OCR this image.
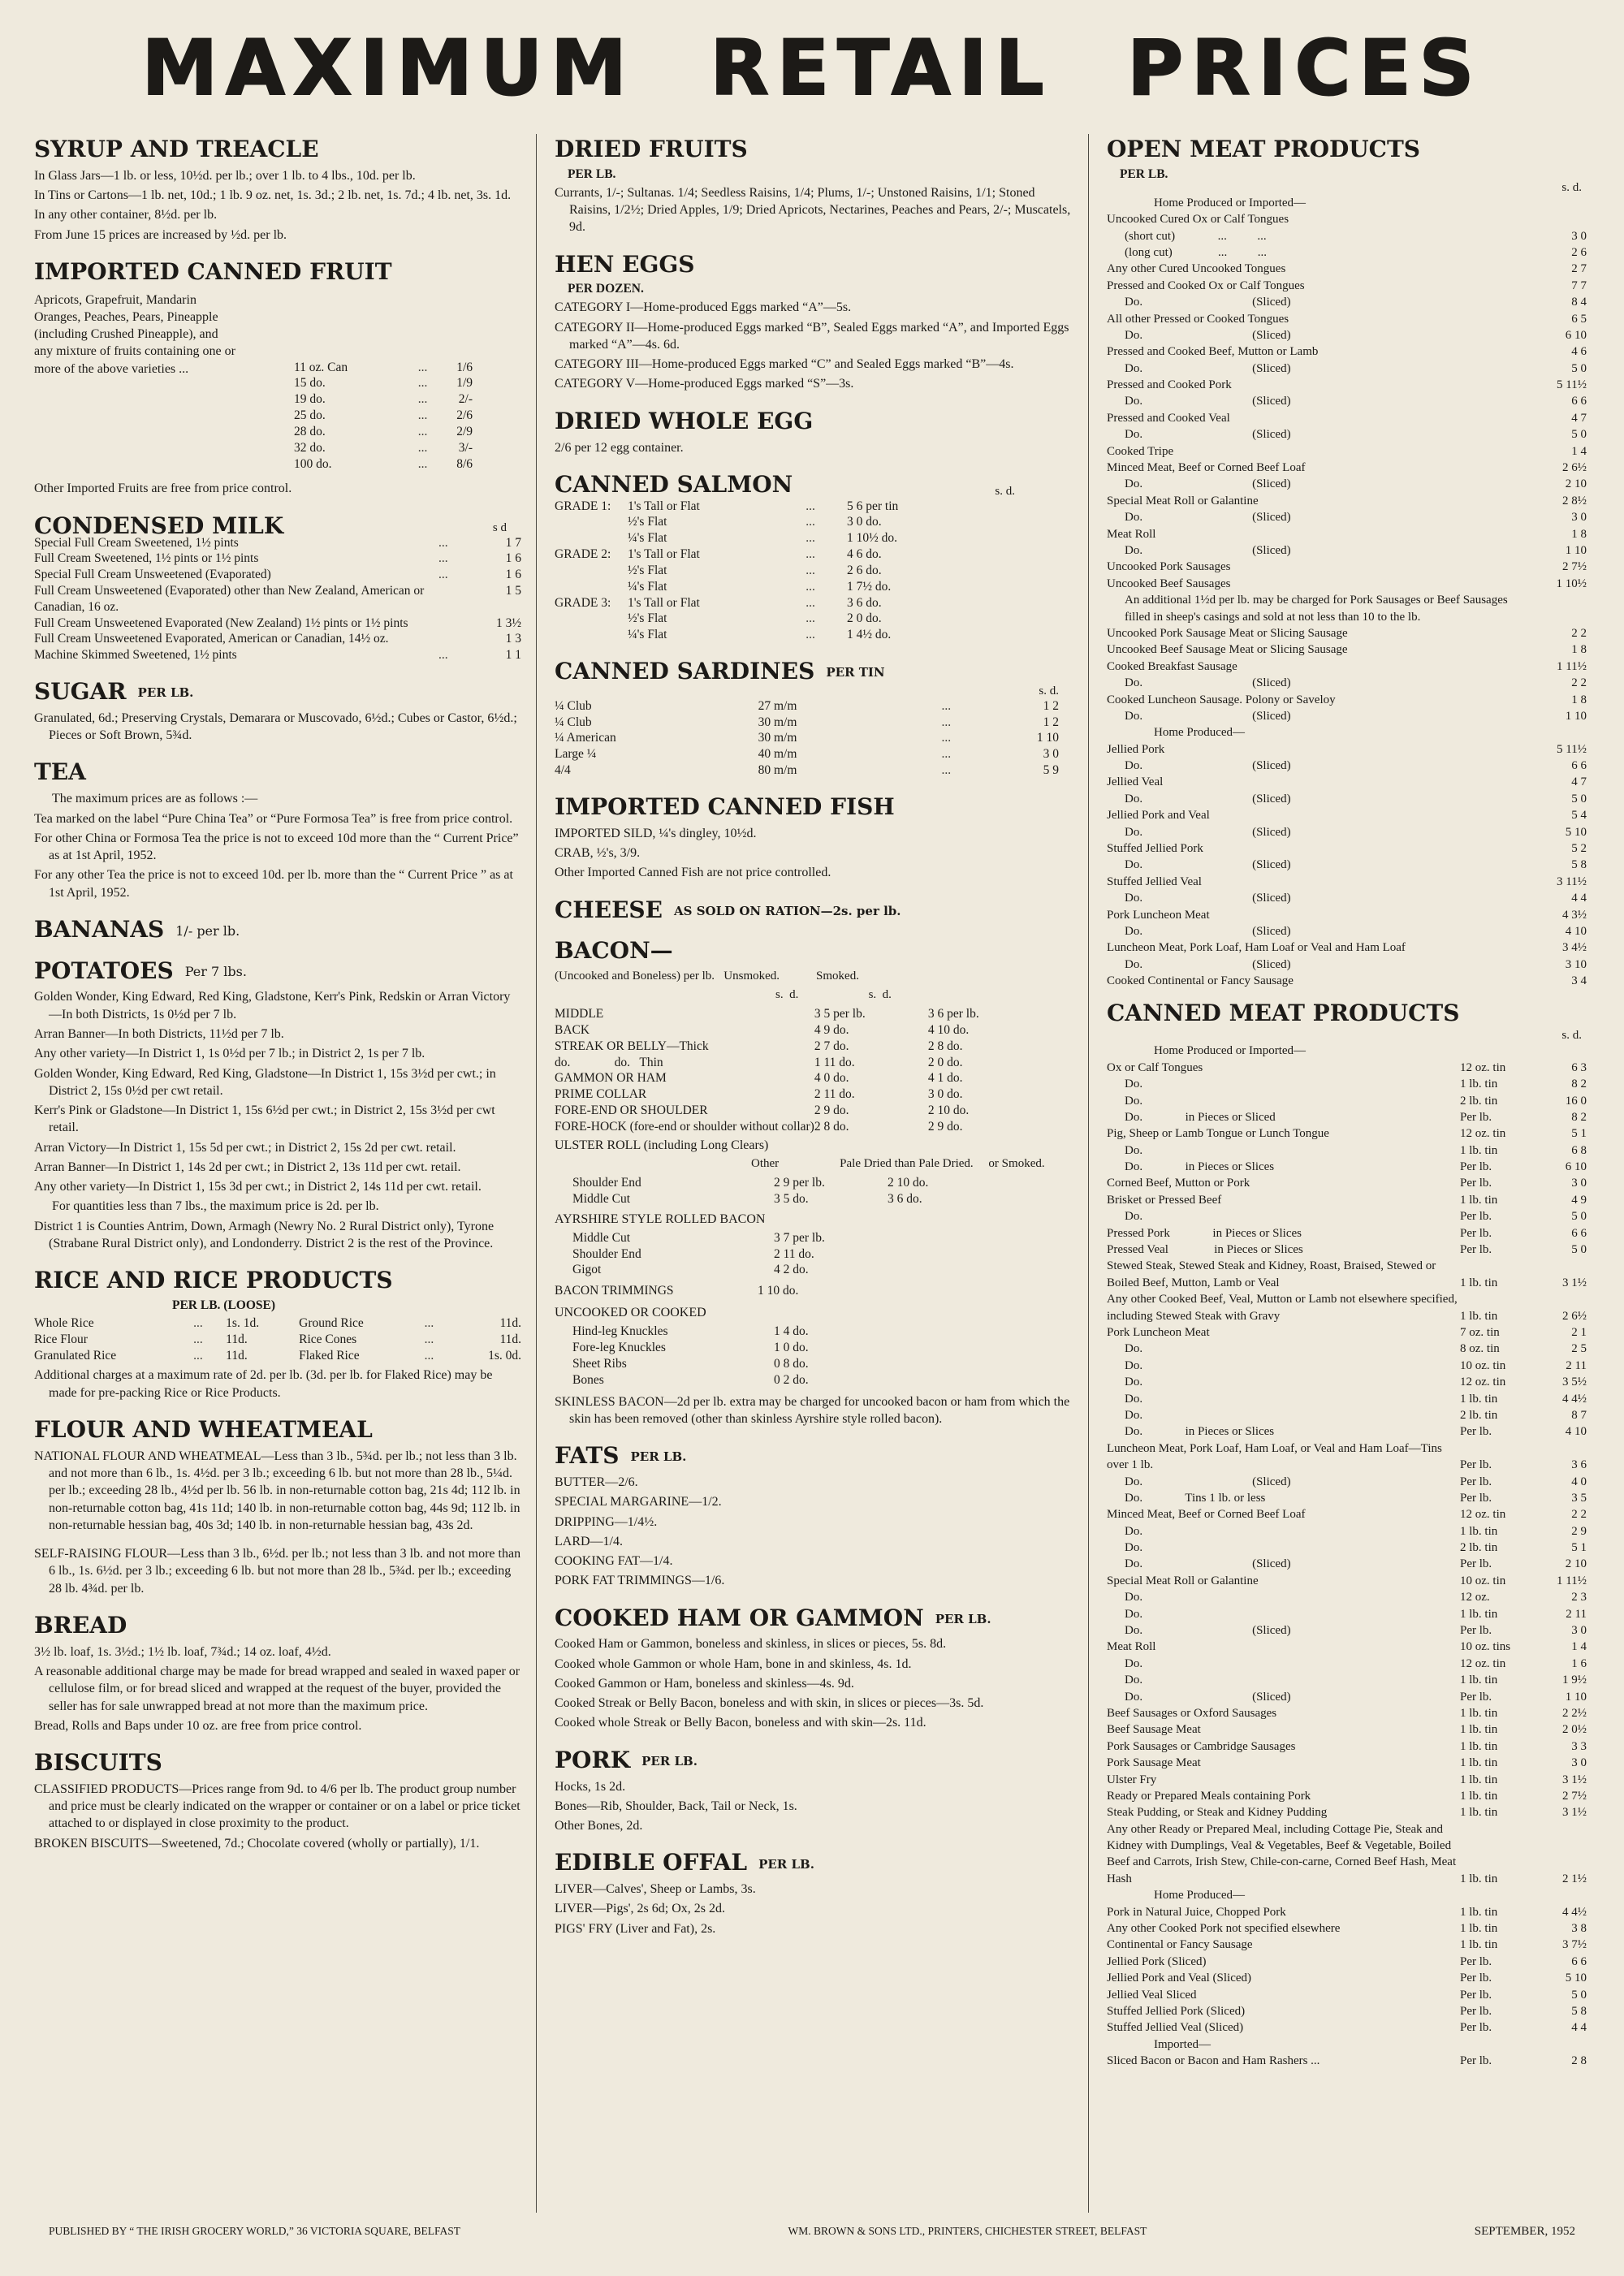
MAXIMUM RETAIL PRICES
SYRUP AND TREACLE
In Glass Jars—1 lb. or less, 10½d. per lb.; over 1 lb. to 4 lbs., 10d. per lb.
In Tins or Cartons—1 lb. net, 10d.; 1 lb. 9 oz. net, 1s. 3d.; 2 lb. net, 1s. 7d.; 4 lb. net, 3s. 1d.
In any other container, 8½d. per lb.
From June 15 prices are increased by ½d. per lb.
IMPORTED CANNED FRUIT
Apricots, Grapefruit, Mandarin Oranges, Peaches, Pears, Pineapple (including Crushed Pineapple), and any mixture of fruits containing one or more of the above varieties ...	11 oz. Can	...	1/6
15 do.	...	1/9
19 do.	...	2/-
25 do.	...	2/6
28 do.	...	2/9
32 do.	...	3/-
100 do.	...	8/6
Other Imported Fruits are free from price control.
CONDENSED MILK	s d
Special Full Cream Sweetened, 1½ pints	...	1 7
Full Cream Sweetened, 1½ pints or 1½ pints	...	1 6
Special Full Cream Unsweetened (Evaporated)	...	1 6
Full Cream Unsweetened (Evaporated) other than New Zealand, American or Canadian, 16 oz.		1 5
Full Cream Unsweetened Evaporated (New Zealand) 1½ pints or 1½ pints		1 3½
Full Cream Unsweetened Evaporated, American or Canadian, 14½ oz.		1 3
Machine Skimmed Sweetened, 1½ pints	...	1 1
SUGAR PER LB.
Granulated, 6d.; Preserving Crystals, Demarara or Muscovado, 6½d.; Cubes or Castor, 6½d.; Pieces or Soft Brown, 5¾d.
TEA
The maximum prices are as follows :—
Tea marked on the label “Pure China Tea” or “Pure Formosa Tea” is free from price control.
For other China or Formosa Tea the price is not to exceed 10d more than the “ Current Price” as at 1st April, 1952.
For any other Tea the price is not to exceed 10d. per lb. more than the “ Current Price ” as at 1st April, 1952.
BANANAS 1/- per lb.
POTATOES Per 7 lbs.
Golden Wonder, King Edward, Red King, Gladstone, Kerr's Pink, Redskin or Arran Victory—In both Districts, 1s 0½d per 7 lb.
Arran Banner—In both Districts, 11½d per 7 lb.
Any other variety—In District 1, 1s 0½d per 7 lb.; in District 2, 1s per 7 lb.
Golden Wonder, King Edward, Red King, Gladstone—In District 1, 15s 3½d per cwt.; in District 2, 15s 0½d per cwt retail.
Kerr's Pink or Gladstone—In District 1, 15s 6½d per cwt.; in District 2, 15s 3½d per cwt retail.
Arran Victory—In District 1, 15s 5d per cwt.; in District 2, 15s 2d per cwt. retail.
Arran Banner—In District 1, 14s 2d per cwt.; in District 2, 13s 11d per cwt. retail.
Any other variety—In District 1, 15s 3d per cwt.; in District 2, 14s 11d per cwt. retail.
For quantities less than 7 lbs., the maximum price is 2d. per lb.
District 1 is Counties Antrim, Down, Armagh (Newry No. 2 Rural District only), Tyrone (Strabane Rural District only), and Londonderry. District 2 is the rest of the Province.
RICE AND RICE PRODUCTS
PER LB. (LOOSE)
Whole Rice	...	1s. 1d.	Ground Rice	...	11d.
Rice Flour	...	11d.	Rice Cones	...	11d.
Granulated Rice	...	11d.	Flaked Rice	...	1s. 0d.
Additional charges at a maximum rate of 2d. per lb. (3d. per lb. for Flaked Rice) may be made for pre-packing Rice or Rice Products.
FLOUR AND WHEATMEAL
NATIONAL FLOUR AND WHEATMEAL—Less than 3 lb., 5¾d. per lb.; not less than 3 lb. and not more than 6 lb., 1s. 4½d. per 3 lb.; exceeding 6 lb. but not more than 28 lb., 5¼d. per lb.; exceeding 28 lb., 4½d per lb. 56 lb. in non-returnable cotton bag, 21s 4d; 112 lb. in non-returnable cotton bag, 41s 11d; 140 lb. in non-returnable cotton bag, 44s 9d; 112 lb. in non-returnable hessian bag, 40s 3d; 140 lb. in non-returnable hessian bag, 43s 2d.
SELF-RAISING FLOUR—Less than 3 lb., 6½d. per lb.; not less than 3 lb. and not more than 6 lb., 1s. 6½d. per 3 lb.; exceeding 6 lb. but not more than 28 lb., 5¾d. per lb.; exceeding 28 lb. 4¾d. per lb.
BREAD
3½ lb. loaf, 1s. 3½d.; 1½ lb. loaf, 7¾d.; 14 oz. loaf, 4½d.
A reasonable additional charge may be made for bread wrapped and sealed in waxed paper or cellulose film, or for bread sliced and wrapped at the request of the buyer, provided the seller has for sale unwrapped bread at not more than the maximum price.
Bread, Rolls and Baps under 10 oz. are free from price control.
BISCUITS
CLASSIFIED PRODUCTS—Prices range from 9d. to 4/6 per lb. The product group number and price must be clearly indicated on the wrapper or container or on a label or price ticket attached to or displayed in close proximity to the product.
BROKEN BISCUITS—Sweetened, 7d.; Chocolate covered (wholly or partially), 1/1.
DRIED FRUITS
PER LB.
Currants, 1/-; Sultanas. 1/4; Seedless Raisins, 1/4; Plums, 1/-; Unstoned Raisins, 1/1; Stoned Raisins, 1/2½; Dried Apples, 1/9; Dried Apricots, Nectarines, Peaches and Pears, 2/-; Muscatels, 9d.
HEN EGGS
PER DOZEN.
CATEGORY I—Home-produced Eggs marked “A”—5s.
CATEGORY II—Home-produced Eggs marked “B”, Sealed Eggs marked “A”, and Imported Eggs marked “A”—4s. 6d.
CATEGORY III—Home-produced Eggs marked “C” and Sealed Eggs marked “B”—4s.
CATEGORY V—Home-produced Eggs marked “S”—3s.
DRIED WHOLE EGG
2/6 per 12 egg container.
CANNED SALMON	s. d.
GRADE 1:	1's Tall or Flat	...	5 6 per tin
	½'s Flat	...	3 0 do.
	¼'s Flat	...	1 10½ do.
GRADE 2:	1's Tall or Flat	...	4 6 do.
	½'s Flat	...	2 6 do.
	¼'s Flat	...	1 7½ do.
GRADE 3:	1's Tall or Flat	...	3 6 do.
	½'s Flat	...	2 0 do.
	¼'s Flat	...	1 4½ do.
CANNED SARDINES PER TIN
s. d.
¼ Club	27 m/m	...	1 2
¼ Club	30 m/m	...	1 2
¼ American	30 m/m	...	1 10
Large ¼	40 m/m	...	3 0
4/4	80 m/m	...	5 9
IMPORTED CANNED FISH
IMPORTED SILD, ¼'s dingley, 10½d.
CRAB, ½'s, 3/9.
Other Imported Canned Fish are not price controlled.
CHEESE AS SOLD ON RATION—2s. per lb.
BACON—
(Uncooked and Boneless) per lb.   Unsmoked.            Smoked.
s.  d.                       s.  d.
MIDDLE	3 5 per lb.	3 6 per lb.
BACK	4 9 do.	4 10 do.
STREAK OR BELLY—Thick	2 7 do.	2 8 do.
do.              do.   Thin	1 11 do.	2 0 do.
GAMMON OR HAM	4 0 do.	4 1 do.
PRIME COLLAR	2 11 do.	3 0 do.
FORE-END OR SHOULDER	2 9 do.	2 10 do.
FORE-HOCK (fore-end or shoulder without collar)	2 8 do.	2 9 do.
ULSTER ROLL (including Long Clears)
Other                    Pale Dried than Pale Dried.     or Smoked.
Shoulder End	2 9 per lb.	2 10 do.
Middle Cut	3 5 do.	3 6 do.
AYRSHIRE STYLE ROLLED BACON
Middle Cut	3 7 per lb.
Shoulder End	2 11 do.
Gigot	4 2 do.
BACON TRIMMINGS	1 10 do.
UNCOOKED OR COOKED
Hind-leg Knuckles	1 4 do.
Fore-leg Knuckles	1 0 do.
Sheet Ribs	0 8 do.
Bones	0 2 do.
SKINLESS BACON—2d per lb. extra may be charged for uncooked bacon or ham from which the skin has been removed (other than skinless Ayrshire style rolled bacon).
FATS PER LB.
BUTTER—2/6.
SPECIAL MARGARINE—1/2.
DRIPPING—1/4½.
LARD—1/4.
COOKING FAT—1/4.
PORK FAT TRIMMINGS—1/6.
COOKED HAM OR GAMMON PER LB.
Cooked Ham or Gammon, boneless and skinless, in slices or pieces, 5s. 8d.
Cooked whole Gammon or whole Ham, bone in and skinless, 4s. 1d.
Cooked Gammon or Ham, boneless and skinless—4s. 9d.
Cooked Streak or Belly Bacon, boneless and with skin, in slices or pieces—3s. 5d.
Cooked whole Streak or Belly Bacon, boneless and with skin—2s. 11d.
PORK PER LB.
Hocks, 1s 2d.
Bones—Rib, Shoulder, Back, Tail or Neck, 1s.
Other Bones, 2d.
EDIBLE OFFAL PER LB.
LIVER—Calves', Sheep or Lambs, 3s.
LIVER—Pigs', 2s 6d; Ox, 2s 2d.
PIGS' FRY (Liver and Fat), 2s.
OPEN MEAT PRODUCTS
PER LB.
s. d.
Home Produced or Imported—	
Uncooked Cured Ox or Calf Tongues	
(short cut)              ...          ...	3 0
(long cut)               ...          ...	2 6
Any other Cured Uncooked Tongues	2 7
Pressed and Cooked Ox or Calf Tongues	7 7
Do.                                    (Sliced)	8 4
All other Pressed or Cooked Tongues	6 5
Do.                                    (Sliced)	6 10
Pressed and Cooked Beef, Mutton or Lamb	4 6
Do.                                    (Sliced)	5 0
Pressed and Cooked Pork	5 11½
Do.                                    (Sliced)	6 6
Pressed and Cooked Veal	4 7
Do.                                    (Sliced)	5 0
Cooked Tripe	1 4
Minced Meat, Beef or Corned Beef Loaf	2 6½
Do.                                    (Sliced)	2 10
Special Meat Roll or Galantine	2 8½
Do.                                    (Sliced)	3 0
Meat Roll	1 8
Do.                                    (Sliced)	1 10
Uncooked Pork Sausages	2 7½
Uncooked Beef Sausages	1 10½
An additional 1½d per lb. may be charged for Pork Sausages or Beef Sausages filled in sheep's casings and sold at not less than 10 to the lb.	
Uncooked Pork Sausage Meat or Slicing Sausage	2 2
Uncooked Beef Sausage Meat or Slicing Sausage	1 8
Cooked Breakfast Sausage	1 11½
Do.                                    (Sliced)	2 2
Cooked Luncheon Sausage. Polony or Saveloy	1 8
Do.                                    (Sliced)	1 10
Home Produced—	
Jellied Pork	5 11½
Do.                                    (Sliced)	6 6
Jellied Veal	4 7
Do.                                    (Sliced)	5 0
Jellied Pork and Veal	5 4
Do.                                    (Sliced)	5 10
Stuffed Jellied Pork	5 2
Do.                                    (Sliced)	5 8
Stuffed Jellied Veal	3 11½
Do.                                    (Sliced)	4 4
Pork Luncheon Meat	4 3½
Do.                                    (Sliced)	4 10
Luncheon Meat, Pork Loaf, Ham Loaf or Veal and Ham Loaf	3 4½
Do.                                    (Sliced)	3 10
Cooked Continental or Fancy Sausage	3 4
CANNED MEAT PRODUCTS
s. d.
Home Produced or Imported—		
Ox or Calf Tongues	12 oz. tin	6 3
Do.	1 lb. tin	8 2
Do.	2 lb. tin	16 0
Do.              in Pieces or Sliced	Per lb.	8 2
Pig, Sheep or Lamb Tongue or Lunch Tongue	12 oz. tin	5 1
Do.	1 lb. tin	6 8
Do.              in Pieces or Slices	Per lb.	6 10
Corned Beef, Mutton or Pork	Per lb.	3 0
Brisket or Pressed Beef	1 lb. tin	4 9
Do.	Per lb.	5 0
Pressed Pork              in Pieces or Slices	Per lb.	6 6
Pressed Veal               in Pieces or Slices	Per lb.	5 0
Stewed Steak, Stewed Steak and Kidney, Roast, Braised, Stewed or Boiled Beef, Mutton, Lamb or Veal	1 lb. tin	3 1½
Any other Cooked Beef, Veal, Mutton or Lamb not elsewhere specified, including Stewed Steak with Gravy	1 lb. tin	2 6½
Pork Luncheon Meat	7 oz. tin	2 1
Do.	8 oz. tin	2 5
Do.	10 oz. tin	2 11
Do.	12 oz. tin	3 5½
Do.	1 lb. tin	4 4½
Do.	2 lb. tin	8 7
Do.              in Pieces or Slices	Per lb.	4 10
Luncheon Meat, Pork Loaf, Ham Loaf, or Veal and Ham Loaf—Tins over 1 lb.	Per lb.	3 6
Do.                                    (Sliced)	Per lb.	4 0
Do.              Tins 1 lb. or less	Per lb.	3 5
Minced Meat, Beef or Corned Beef Loaf	12 oz. tin	2 2
Do.	1 lb. tin	2 9
Do.	2 lb. tin	5 1
Do.                                    (Sliced)	Per lb.	2 10
Special Meat Roll or Galantine	10 oz. tin	1 11½
Do.	12 oz.	2 3
Do.	1 lb. tin	2 11
Do.                                    (Sliced)	Per lb.	3 0
Meat Roll	10 oz. tins	1 4
Do.	12 oz. tin	1 6
Do.	1 lb. tin	1 9½
Do.                                    (Sliced)	Per lb.	1 10
Beef Sausages or Oxford Sausages	1 lb. tin	2 2½
Beef Sausage Meat	1 lb. tin	2 0½
Pork Sausages or Cambridge Sausages	1 lb. tin	3 3
Pork Sausage Meat	1 lb. tin	3 0
Ulster Fry	1 lb. tin	3 1½
Ready or Prepared Meals containing Pork	1 lb. tin	2 7½
Steak Pudding, or Steak and Kidney Pudding	1 lb. tin	3 1½
Any other Ready or Prepared Meal, including Cottage Pie, Steak and Kidney with Dumplings, Veal & Vegetables, Beef & Vegetable, Boiled Beef and Carrots, Irish Stew, Chile-con-carne, Corned Beef Hash, Meat Hash	1 lb. tin	2 1½
Home Produced—		
Pork in Natural Juice, Chopped Pork	1 lb. tin	4 4½
Any other Cooked Pork not specified elsewhere	1 lb. tin	3 8
Continental or Fancy Sausage	1 lb. tin	3 7½
Jellied Pork (Sliced)	Per lb.	6 6
Jellied Pork and Veal (Sliced)	Per lb.	5 10
Jellied Veal Sliced	Per lb.	5 0
Stuffed Jellied Pork (Sliced)	Per lb.	5 8
Stuffed Jellied Veal (Sliced)	Per lb.	4 4
Imported—		
Sliced Bacon or Bacon and Ham Rashers ...	Per lb.	2 8
PUBLISHED BY “ THE IRISH GROCERY WORLD,” 36 VICTORIA SQUARE, BELFAST	WM. BROWN & SONS LTD., PRINTERS, CHICHESTER STREET, BELFAST	SEPTEMBER, 1952
